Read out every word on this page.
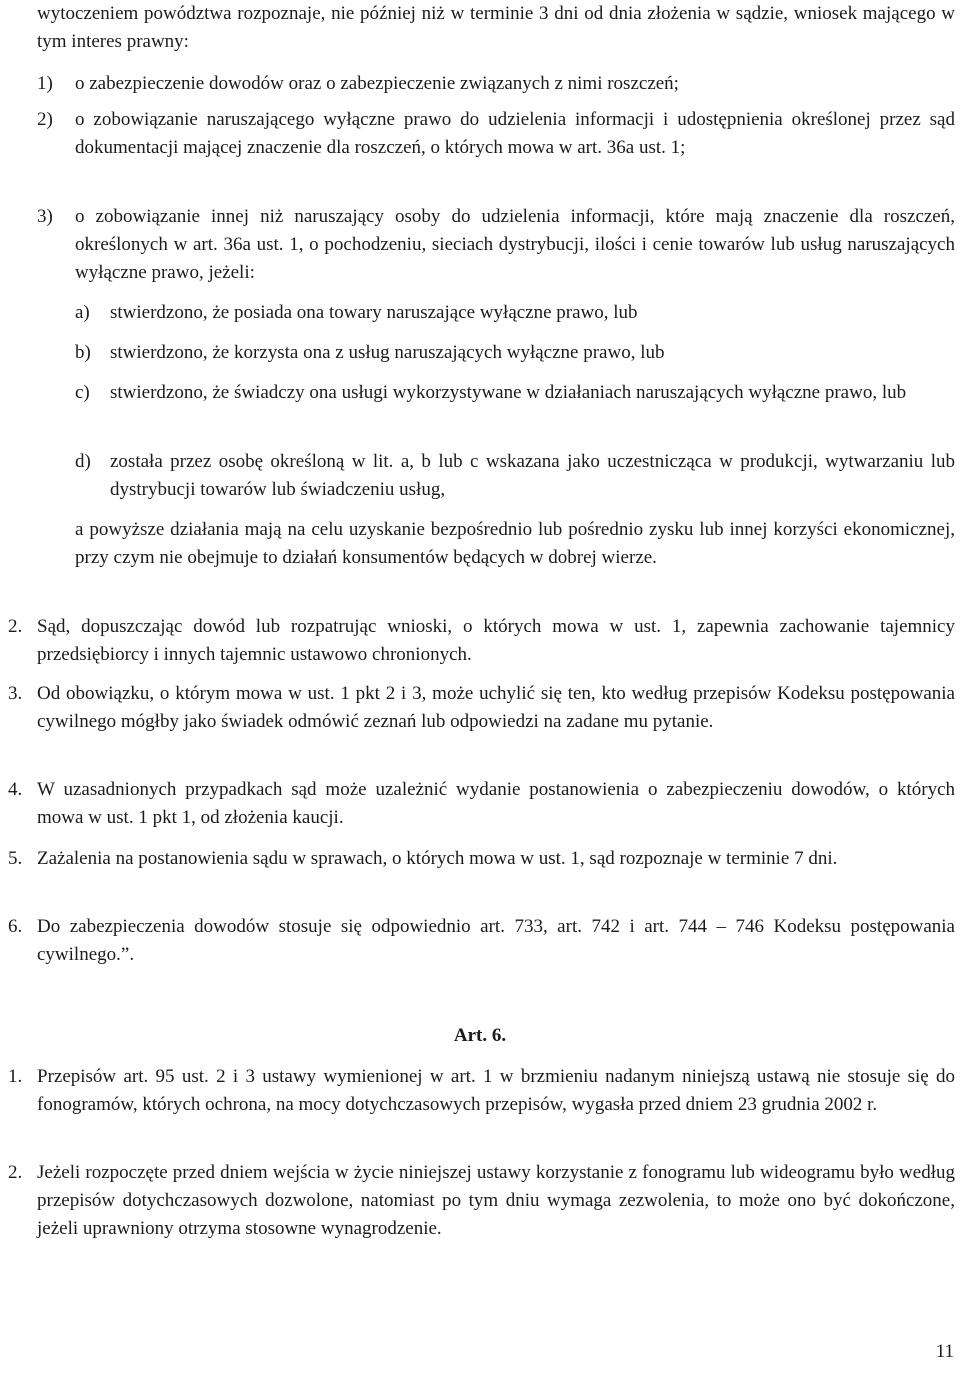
wytoczeniem powództwa rozpoznaje, nie później niż w terminie 3 dni od dnia złożenia w sądzie, wniosek mającego w tym interes prawny:

1) o zabezpieczenie dowodów oraz o zabezpieczenie związanych z nimi roszczeń;

2) o zobowiązanie naruszającego wyłączne prawo do udzielenia informacji i udostępnienia określonej przez sąd dokumentacji mającej znaczenie dla roszczeń, o których mowa w art. 36a ust. 1;

3) o zobowiązanie innej niż naruszający osoby do udzielenia informacji, które mają znaczenie dla roszczeń, określonych w art. 36a ust. 1, o pochodzeniu, sieciach dystrybucji, ilości i cenie towarów lub usług naruszających wyłączne prawo, jeżeli:

a) stwierdzono, że posiada ona towary naruszające wyłączne prawo, lub

b) stwierdzono, że korzysta ona z usług naruszających wyłączne prawo, lub

c) stwierdzono, że świadczy ona usługi wykorzystywane w działaniach naruszających wyłączne prawo, lub

d) została przez osobę określoną w lit. a, b lub c wskazana jako uczestnicząca w produkcji, wytwarzaniu lub dystrybucji towarów lub świadczeniu usług,

a powyższe działania mają na celu uzyskanie bezpośrednio lub pośrednio zysku lub innej korzyści ekonomicznej, przy czym nie obejmuje to działań konsumentów będących w dobrej wierze.

2. Sąd, dopuszczając dowód lub rozpatrując wnioski, o których mowa w ust. 1, zapewnia zachowanie tajemnicy przedsiębiorcy i innych tajemnic ustawowo chronionych.

3. Od obowiązku, o którym mowa w ust. 1 pkt 2 i 3, może uchylić się ten, kto według przepisów Kodeksu postępowania cywilnego mógłby jako świadek odmówić zeznań lub odpowiedzi na zadane mu pytanie.

4. W uzasadnionych przypadkach sąd może uzależnić wydanie postanowienia o zabezpieczeniu dowodów, o których mowa w ust. 1 pkt 1, od złożenia kaucji.

5. Zażalenia na postanowienia sądu w sprawach, o których mowa w ust. 1, sąd rozpoznaje w terminie 7 dni.

6. Do zabezpieczenia dowodów stosuje się odpowiednio art. 733, art. 742 i art. 744 – 746 Kodeksu postępowania cywilnego.”.

Art. 6.

1. Przepisów art. 95 ust. 2 i 3 ustawy wymienionej w art. 1 w brzmieniu nadanym niniejszą ustawą nie stosuje się do fonogramów, których ochrona, na mocy dotychczasowych przepisów, wygasła przed dniem 23 grudnia 2002 r.

2. Jeżeli rozpoczęte przed dniem wejścia w życie niniejszej ustawy korzystanie z fonogramu lub wideogramu było według przepisów dotychczasowych dozwolone, natomiast po tym dniu wymaga zezwolenia, to może ono być dokończone, jeżeli uprawniony otrzyma stosowne wynagrodzenie.

11
